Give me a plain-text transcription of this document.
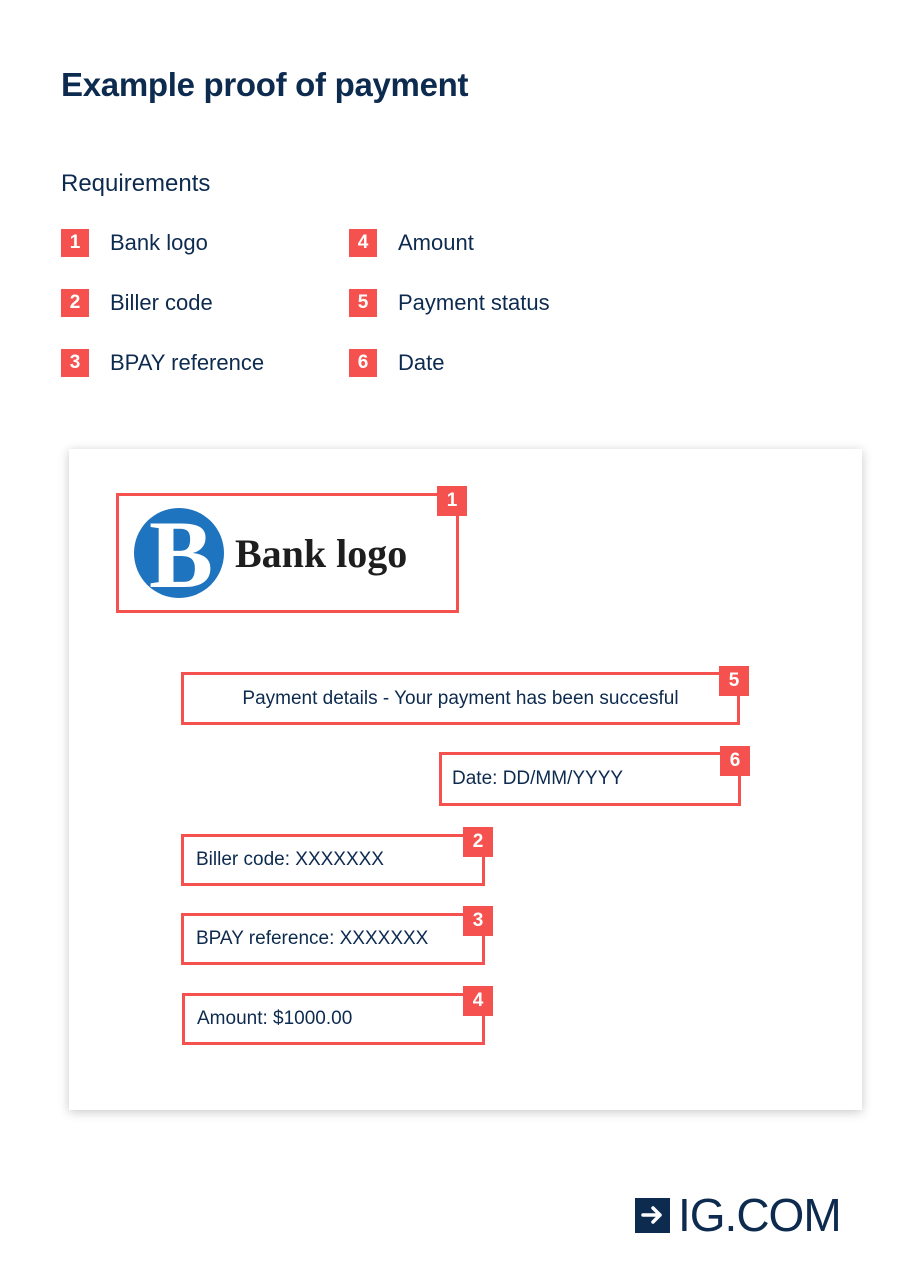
Example proof of payment
Requirements
1	Bank logo
2	Biller code
3	BPAY reference
4	Amount
5	Payment status
6	Date
B Bank logo
1
Payment details - Your payment has been succesful
5
Date: DD/MM/YYYY
6
Biller code: XXXXXXX
2
BPAY reference: XXXXXXX
3
Amount: $1000.00
4
IG.COM
